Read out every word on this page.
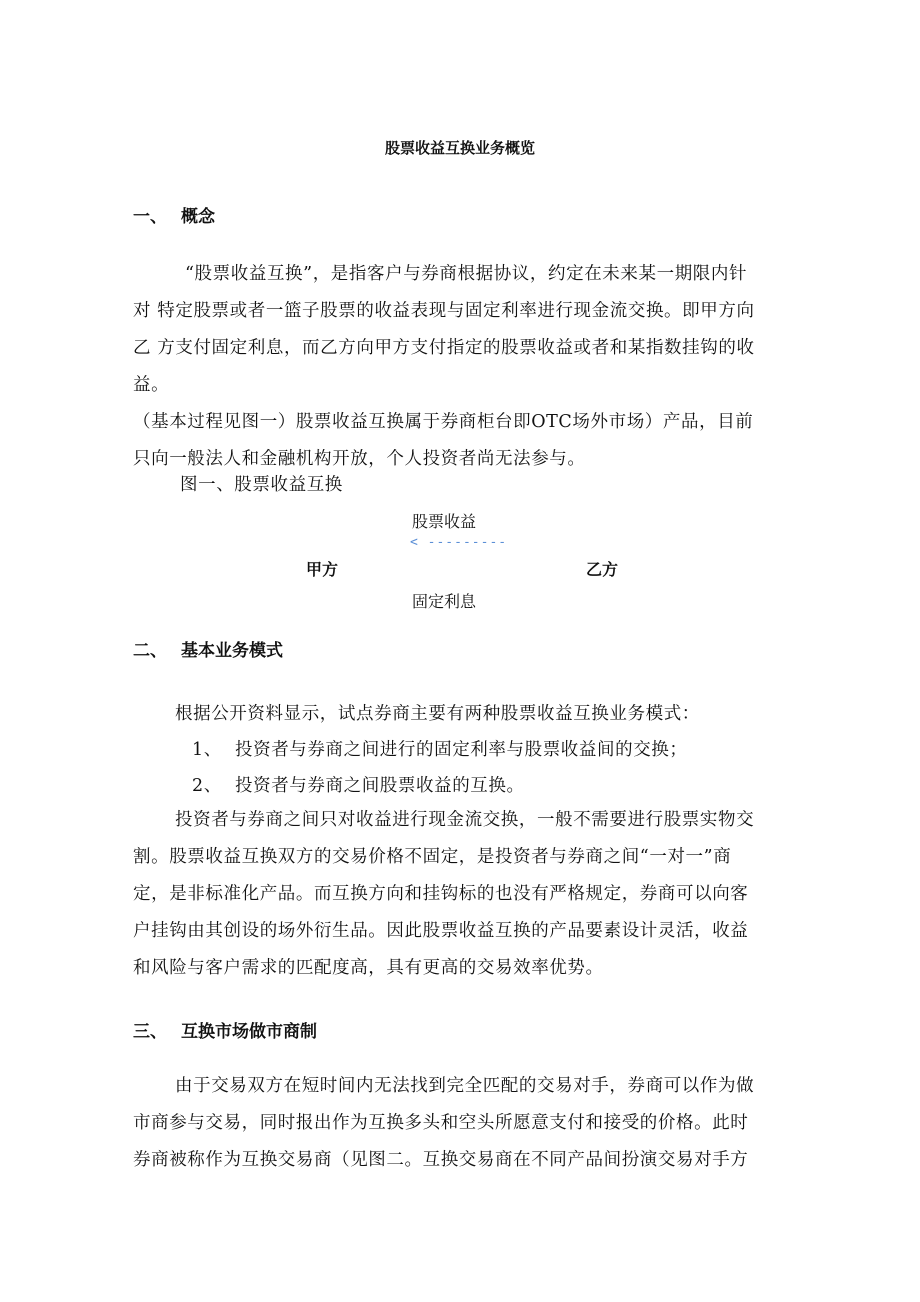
股票收益互换业务概览
一、 概念
“股票收益互换”，是指客户与券商根据协议，约定在未来某一期限内针
对 特定股票或者一篮子股票的收益表现与固定利率进行现金流交换。即甲方向
乙 方支付固定利息，而乙方向甲方支付指定的股票收益或者和某指数挂钩的收
益。
（基本过程见图一）股票收益互换属于券商柜台即OTC场外市场）产品，目前
只向一般法人和金融机构开放，个人投资者尚无法参与。
图一、股票收益互换
股票收益
< ---------
甲方	乙方
固定利息
二、 基本业务模式
根据公开资料显示，试点券商主要有两种股票收益互换业务模式：
1、 投资者与券商之间进行的固定利率与股票收益间的交换；
2、 投资者与券商之间股票收益的互换。
投资者与券商之间只对收益进行现金流交换，一般不需要进行股票实物交
割。股票收益互换双方的交易价格不固定，是投资者与券商之间“一对一”商
定，是非标准化产品。而互换方向和挂钩标的也没有严格规定，券商可以向客
户挂钩由其创设的场外衍生品。因此股票收益互换的产品要素设计灵活，收益
和风险与客户需求的匹配度高，具有更高的交易效率优势。
三、 互换市场做市商制
由于交易双方在短时间内无法找到完全匹配的交易对手，券商可以作为做
市商参与交易，同时报出作为互换多头和空头所愿意支付和接受的价格。此时
券商被称作为互换交易商（见图二。互换交易商在不同产品间扮演交易对手方
